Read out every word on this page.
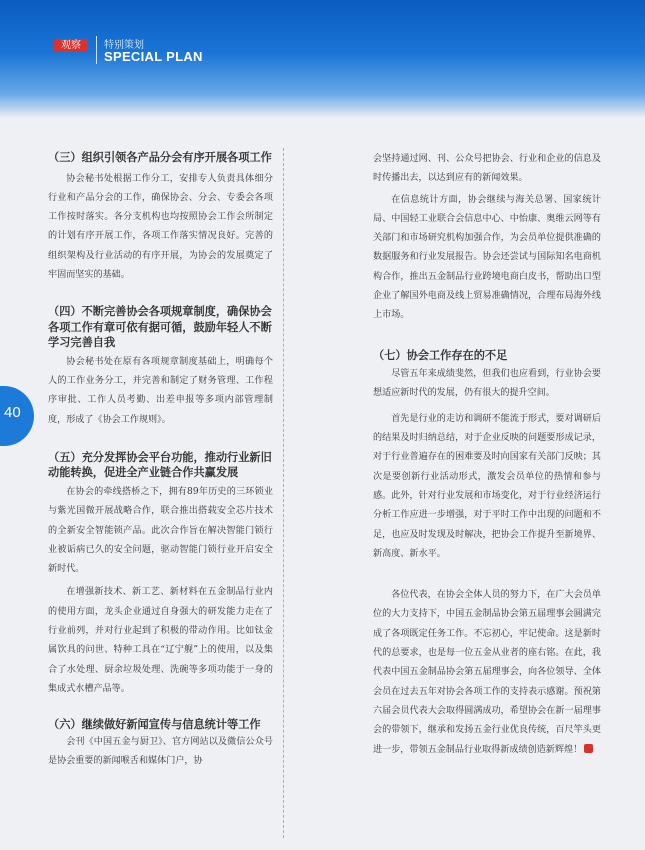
观察	特别策划
SPECIAL PLAN
40
（三）组织引领各产品分会有序开展各项工作

协会秘书处根据工作分工，安排专人负责具体细分行业和产品分会的工作，确保协会、分会、专委会各项工作按时落实。各分支机构也均按照协会工作会所制定的计划有序开展工作，各项工作落实情况良好。完善的组织架构及行业活动的有序开展，为协会的发展奠定了牢固而坚实的基础。

（四）不断完善协会各项规章制度，确保协会各项工作有章可依有据可循，鼓励年轻人不断学习完善自我

协会秘书处在原有各项规章制度基础上，明确每个人的工作业务分工，并完善和制定了财务管理、工作程序审批、工作人员考勤、出差申报等多项内部管理制度，形成了《协会工作规则》。

（五）充分发挥协会平台功能，推动行业新旧动能转换，促进全产业链合作共赢发展

在协会的牵线搭桥之下，拥有89年历史的三环锁业与紫光国微开展战略合作，联合推出搭载安全芯片技术的全新安全智能锁产品。此次合作旨在解决智能门锁行业被诟病已久的安全问题，驱动智能门锁行业开启安全新时代。

在增强新技术、新工艺、新材料在五金制品行业内的使用方面，龙头企业通过自身强大的研发能力走在了行业前列，并对行业起到了积极的带动作用。比如钛金属饮具的问世、特种工具在“辽宁舰”上的使用，以及集合了水处理、厨余垃圾处理、洗碗等多项功能于一身的集成式水槽产品等。

（六）继续做好新闻宣传与信息统计等工作

会刊《中国五金与厨卫》、官方网站以及微信公众号是协会重要的新闻喉舌和媒体门户，协

会坚持通过网、刊、公众号把协会、行业和企业的信息及时传播出去，以达到应有的新闻效果。

在信息统计方面，协会继续与海关总署、国家统计局、中国轻工业联合会信息中心、中怡康、奥维云网等有关部门和市场研究机构加强合作，为会员单位提供准确的数据服务和行业发展报告。协会还尝试与国际知名电商机构合作，推出五金制品行业跨境电商白皮书，帮助出口型企业了解国外电商及线上贸易准确情况，合理布局海外线上市场。

（七）协会工作存在的不足

尽管五年来成绩斐然，但我们也应看到，行业协会要想适应新时代的发展，仍有很大的提升空间。

首先是行业的走访和调研不能流于形式，要对调研后的结果及时归纳总结，对于企业反映的问题要形成记录，对于行业普遍存在的困难要及时向国家有关部门反映；其次是要创新行业活动形式，激发会员单位的热情和参与感。此外，针对行业发展和市场变化，对于行业经济运行分析工作应进一步增强，对于平时工作中出现的问题和不足，也应及时发现及时解决，把协会工作提升至新境界、新高度、新水平。

各位代表，在协会全体人员的努力下，在广大会员单位的大力支持下，中国五金制品协会第五届理事会圆满完成了各项既定任务工作。不忘初心，牢记使命。这是新时代的总要求，也是每一位五金从业者的座右铭。在此，我代表中国五金制品协会第五届理事会，向各位领导、全体会员在过去五年对协会各项工作的支持表示感谢。预祝第六届会员代表大会取得圆满成功，希望协会在新一届理事会的带领下，继承和发扬五金行业优良传统，百尺竿头更进一步，带领五金制品行业取得新成绩创造新辉煌！
